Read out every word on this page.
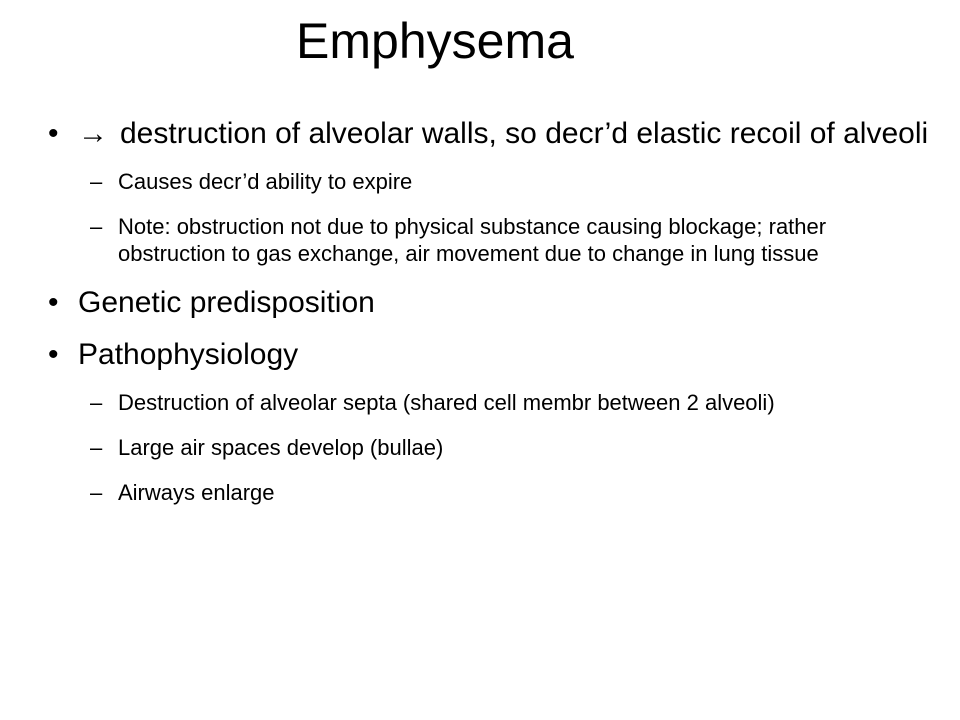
Emphysema
• → destruction of alveolar walls, so decr’d elastic recoil of alveoli
– Causes decr’d ability to expire
– Note: obstruction not due to physical substance causing blockage; rather obstruction to gas exchange, air movement due to change in lung tissue
• Genetic predisposition
• Pathophysiology
– Destruction of alveolar septa (shared cell membr between 2 alveoli)
– Large air spaces develop (bullae)
– Airways enlarge
